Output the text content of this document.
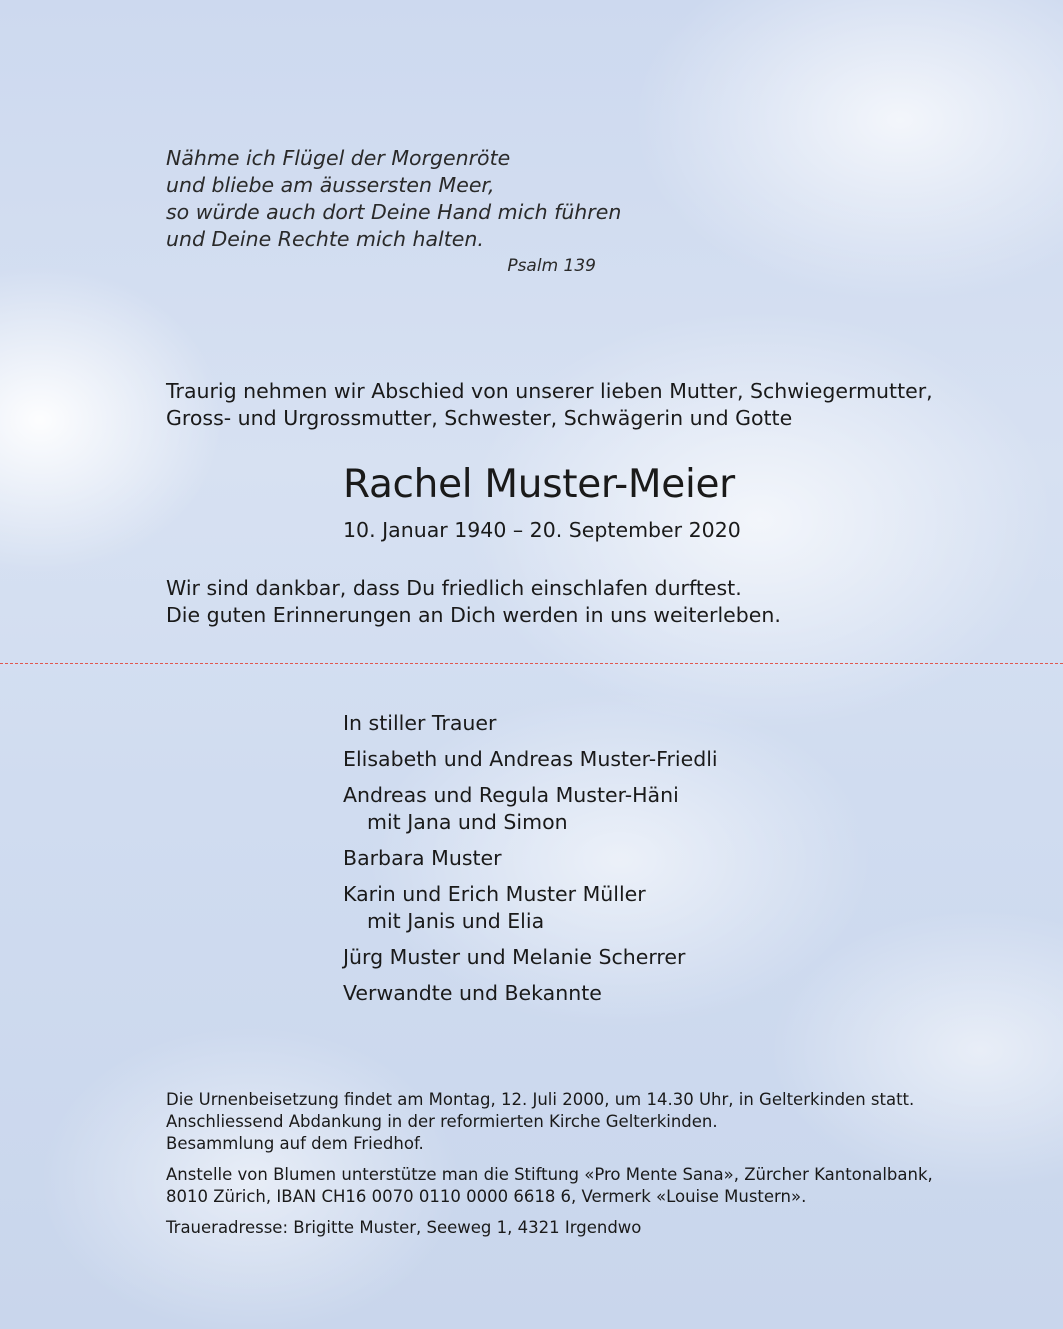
Nähme ich Flügel der Morgenröte
und bliebe am äussersten Meer,
so würde auch dort Deine Hand mich führen
und Deine Rechte mich halten.
Psalm 139
Traurig nehmen wir Abschied von unserer lieben Mutter, Schwiegermutter,
Gross- und Urgrossmutter, Schwester, Schwägerin und Gotte
Rachel Muster-Meier
10. Januar 1940 – 20. September 2020
Wir sind dankbar, dass Du friedlich einschlafen durftest.
Die guten Erinnerungen an Dich werden in uns weiterleben.
In stiller Trauer
Elisabeth und Andreas Muster-Friedli
Andreas und Regula Muster-Häni
mit Jana und Simon
Barbara Muster
Karin und Erich Muster Müller
mit Janis und Elia
Jürg Muster und Melanie Scherrer
Verwandte und Bekannte

Die Urnenbeisetzung findet am Montag, 12. Juli 2000, um 14.30 Uhr, in Gelterkinden statt.
Anschliessend Abdankung in der reformierten Kirche Gelterkinden.
Besammlung auf dem Friedhof.

Anstelle von Blumen unterstütze man die Stiftung «Pro Mente Sana», Zürcher Kantonalbank,
8010 Zürich, IBAN CH16 0070 0110 0000 6618 6, Vermerk «Louise Mustern».

Traueradresse: Brigitte Muster, Seeweg 1, 4321 Irgendwo
